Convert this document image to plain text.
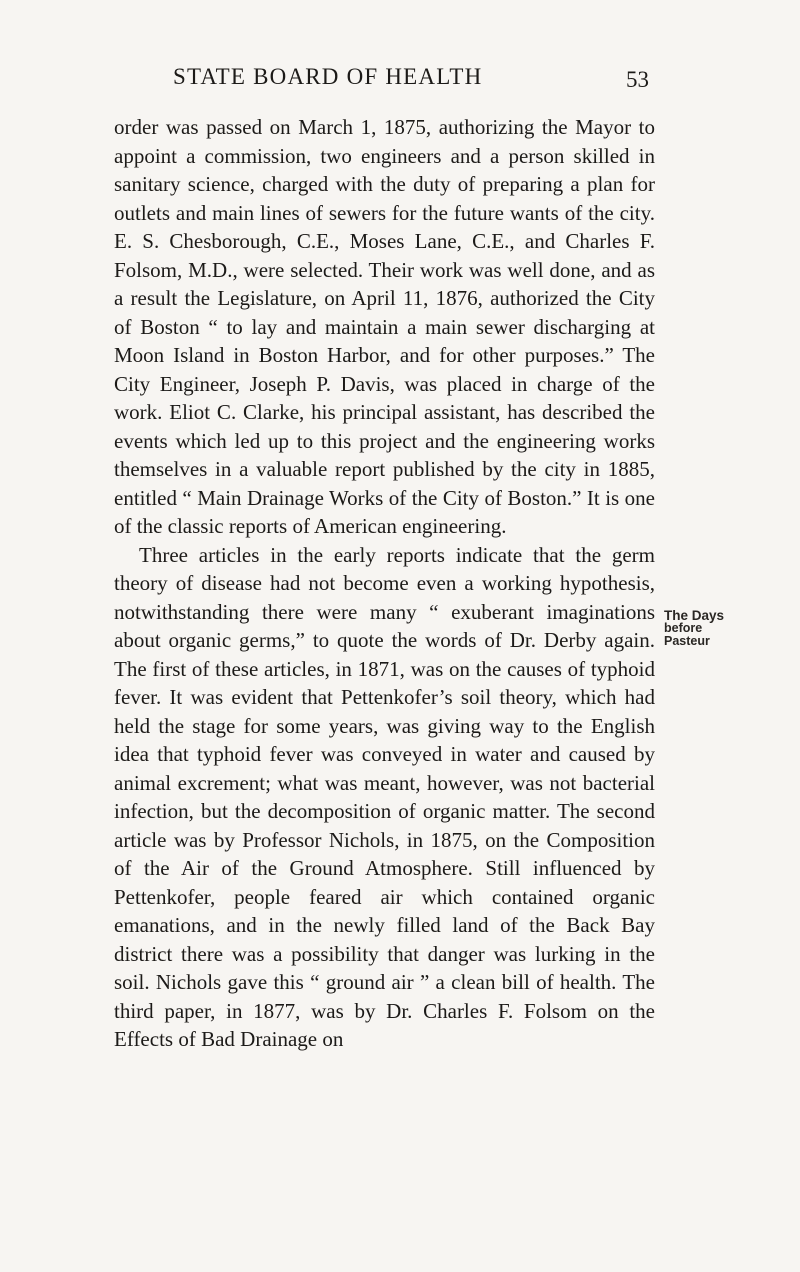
STATE BOARD OF HEALTH	53

order was passed on March 1, 1875, authorizing the Mayor to appoint a commission, two engineers and a person skilled in sanitary science, charged with the duty of preparing a plan for outlets and main lines of sewers for the future wants of the city. E. S. Chesborough, C.E., Moses Lane, C.E., and Charles F. Folsom, M.D., were selected. Their work was well done, and as a result the Legislature, on April 11, 1876, authorized the City of Boston “ to lay and maintain a main sewer discharging at Moon Island in Boston Harbor, and for other purposes.” The City Engineer, Joseph P. Davis, was placed in charge of the work. Eliot C. Clarke, his principal assistant, has described the events which led up to this project and the engineering works themselves in a valuable report published by the city in 1885, entitled “ Main Drainage Works of the City of Boston.” It is one of the classic reports of American engineering.

Three articles in the early reports indicate that the germ theory of disease had not become even a working hypothesis, notwithstanding there were many “ exuberant imaginations about organic germs,” to quote the words of Dr. Derby again. The first of these articles, in 1871, was on the causes of typhoid fever. It was evident that Pettenkofer’s soil theory, which had held the stage for some years, was giving way to the English idea that typhoid fever was conveyed in water and caused by animal excrement; what was meant, however, was not bacterial infection, but the decomposition of organic matter. The second article was by Professor Nichols, in 1875, on the Composition of the Air of the Ground Atmosphere. Still influenced by Pettenkofer, people feared air which contained organic emanations, and in the newly filled land of the Back Bay district there was a possibility that danger was lurking in the soil. Nichols gave this “ ground air ” a clean bill of health. The third paper, in 1877, was by Dr. Charles F. Folsom on the Effects of Bad Drainage on

The Days
before
Pasteur
